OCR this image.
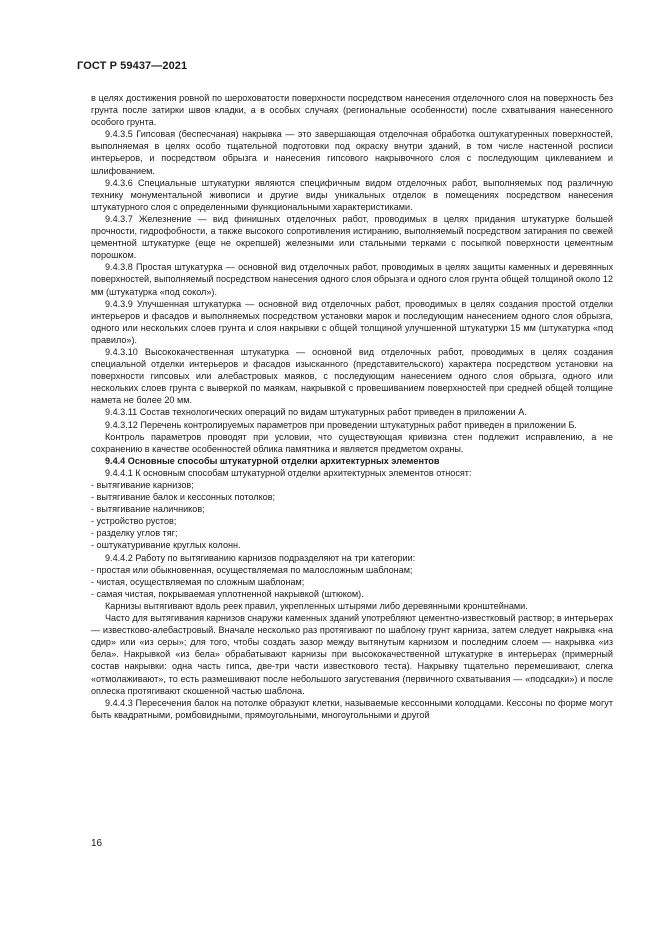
ГОСТ Р 59437—2021

в целях достижения ровной по шероховатости поверхности посредством нанесения отделочного слоя на поверхность без грунта после затирки швов кладки, а в особых случаях (региональные особенности) после схватывания нанесенного особого грунта.

9.4.3.5 Гипсовая (беспесчаная) накрывка — это завершающая отделочная обработка оштукатуренных поверхностей, выполняемая в целях особо тщательной подготовки под окраску внутри зданий, в том числе настенной росписи интерьеров, и посредством обрызга и нанесения гипсового накрывочного слоя с последующим циклеванием и шлифованием.

9.4.3.6 Специальные штукатурки являются специфичным видом отделочных работ, выполняемых под различную технику монументальной живописи и другие виды уникальных отделок в помещениях посредством нанесения штукатурного слоя с определенными функциональными характеристиками.

9.4.3.7 Железнение — вид финишных отделочных работ, проводимых в целях придания штукатурке большей прочности, гидрофобности, а также высокого сопротивления истиранию, выполняемый посредством затирания по свежей цементной штукатурке (еще не окрепшей) железными или стальными терками с посыпкой поверхности цементным порошком.

9.4.3.8 Простая штукатурка — основной вид отделочных работ, проводимых в целях защиты каменных и деревянных поверхностей, выполняемый посредством нанесения одного слоя обрызга и одного слоя грунта общей толщиной около 12 мм (штукатурка «под сокол»).

9.4.3.9 Улучшенная штукатурка — основной вид отделочных работ, проводимых в целях создания простой отделки интерьеров и фасадов и выполняемых посредством установки марок и последующим нанесением одного слоя обрызга, одного или нескольких слоев грунта и слоя накрывки с общей толщиной улучшенной штукатурки 15 мм (штукатурка «под правило»).

9.4.3.10 Высококачественная штукатурка — основной вид отделочных работ, проводимых в целях создания специальной отделки интерьеров и фасадов изысканного (представительского) характера посредством установки на поверхности гипсовых или алебастровых маяков, с последующим нанесением одного слоя обрызга, одного или нескольких слоев грунта с выверкой по маякам, накрывкой с провешиванием поверхностей при средней общей толщине намета не более 20 мм.

9.4.3.11 Состав технологических операций по видам штукатурных работ приведен в приложении А.

9.4.3.12 Перечень контролируемых параметров при проведении штукатурных работ приведен в приложении Б.

Контроль параметров проводят при условии, что существующая кривизна стен подлежит исправлению, а не сохранению в качестве особенностей облика памятника и является предметом охраны.

9.4.4 Основные способы штукатурной отделки архитектурных элементов

9.4.4.1 К основным способам штукатурной отделки архитектурных элементов относят:

- вытягивание карнизов;
- вытягивание балок и кессонных потолков;
- вытягивание наличников;
- устройство рустов;
- разделку углов тяг;
- оштукатуривание круглых колонн.

9.4.4.2 Работу по вытягиванию карнизов подразделяют на три категории:

- простая или обыкновенная, осуществляемая по малосложным шаблонам;
- чистая, осуществляемая по сложным шаблонам;
- самая чистая, покрываемая уплотненной накрывкой (штюком).

Карнизы вытягивают вдоль реек правил, укрепленных штырями либо деревянными кронштейнами.

Часто для вытягивания карнизов снаружи каменных зданий употребляют цементно-известковый раствор; в интерьерах — известково-алебастровый. Вначале несколько раз протягивают по шаблону грунт карниза, затем следует накрывка «на сдир» или «из серы»; для того, чтобы создать зазор между вытянутым карнизом и последним слоем — накрывка «из бела». Накрывкой «из бела» обрабатывают карнизы при высококачественной штукатурке в интерьерах (примерный состав накрывки: одна часть гипса, две-три части известкового теста). Накрывку тщательно перемешивают, слегка «отмолаживают», то есть размешивают после небольшого загустевания (первичного схватывания — «подсадки») и после оплеска протягивают скошенной частью шаблона.

9.4.4.3 Пересечения балок на потолке образуют клетки, называемые кессонными колодцами. Кессоны по форме могут быть квадратными, ромбовидными, прямоугольными, многоугольными и другой

16
